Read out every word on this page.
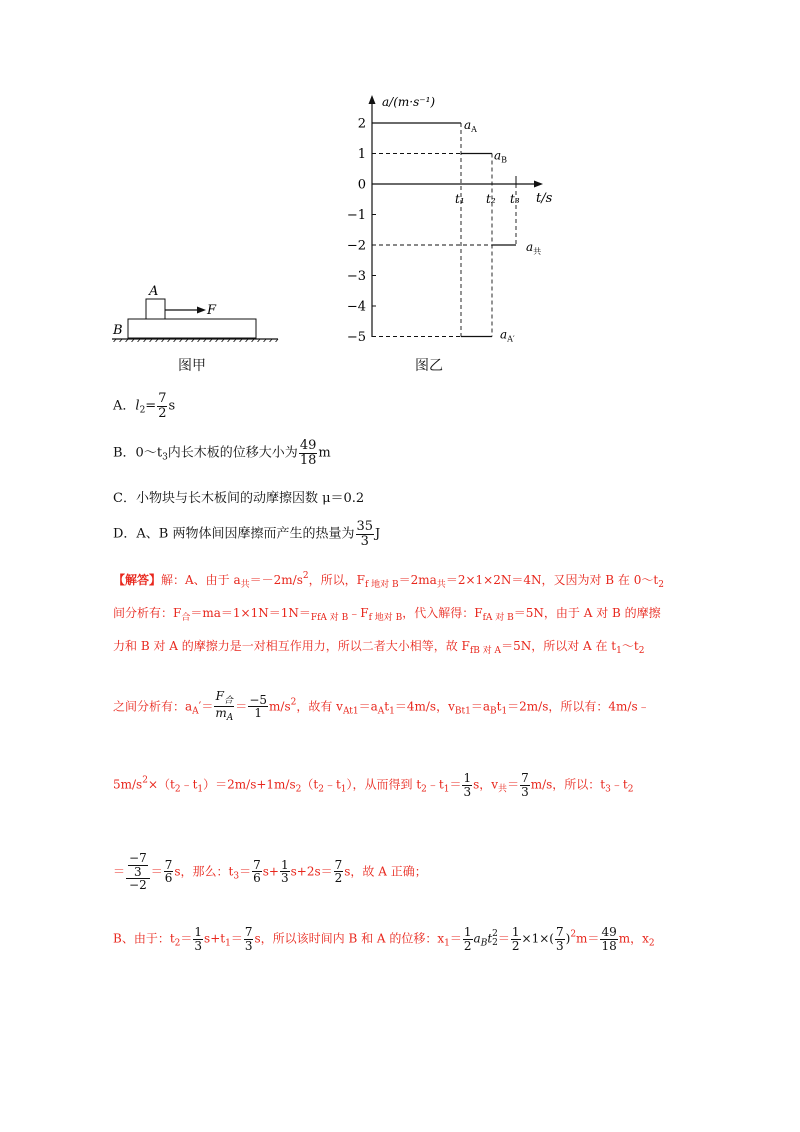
A
B
F
图甲
a/(m·s⁻¹)
t/s
2
1
0
−1
−2
−3
−4
−5
t₁ t₂ t₃
$a_A$
$a_B$
$a_{A'}$
$a_共$
图乙
A．$l_2= \frac{7}{2}$ s
B．$0\sim t_3$内长木板的位移大小为 $\frac{49}{18}$ m
C．小物块与长木板间的动摩擦因数 μ＝0.2
D．A、B 两物体间因摩擦而产生的热量为 $\frac{35}{3}$ J
【解答】解：A、由于 $a_共=-2m/s^2$，所以，$F_{f 地对 B}=2ma_共=2\times 1\times 2N=4N$，又因为对 B 在 $0\sim t_2$
间分析有：$F_合=ma=1\times 1N=1N=_{FfA 对 B}﹣F_{f 地对 B}$，代入解得：$F_{fA 对 B}=5N$，由于 A 对 B 的摩擦
力和 B 对 A 的摩擦力是一对相互作用力，所以二者大小相等，故 $F_{fB 对 A}=5N$，所以对 A 在 $t_1\sim t_2$
之间分析有：$a_A'= \frac{F_合}{m_A} = \frac{-5}{1} m/s^2$，故有 $v_{At1}=a_At_1=4m/s$，$v_{Bt1}=a_Bt_1=2m/s$，所以有：4m/s﹣
$5m/s^2\times(t_2﹣t_1)=2m/s+1m/s_2(t_2﹣t_1)$，从而得到 $t_2﹣t_1= \frac{1}{3}$ s，$v_共= \frac{7}{3} m/s$，所以：$t_3﹣t_2$
＝ $\frac{\frac{-7}{3}}{-2} = \frac{7}{6}$ s，那么：$t_3= \frac{7}{6} s+ \frac{1}{3} s+2s= \frac{7}{2}$ s，故 A 正确；
B、由于：$t_2= \frac{1}{3} s+t_1= \frac{7}{3}$ s，所以该时间内 B 和 A 的位移：$x_1= \frac{1}{2} a_Bt$ 2
$2 = \frac{1}{2} \times 1\times( \frac{7}{3} )^2m= \frac{49}{18}$ m，$x_2$
